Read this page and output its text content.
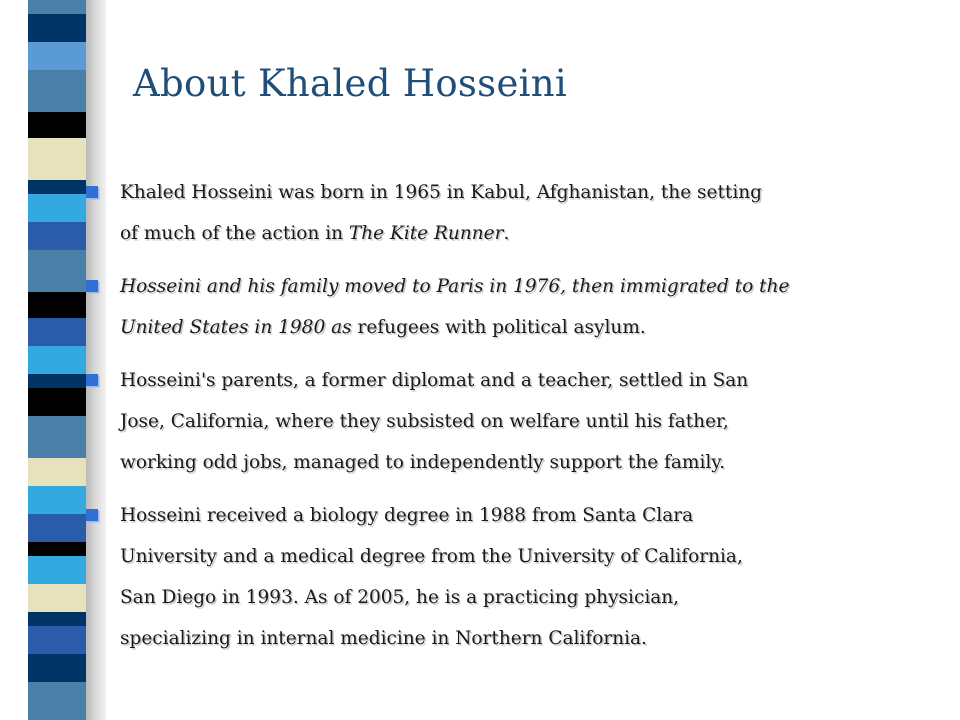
About Khaled Hosseini
Khaled Hosseini was born in 1965 in Kabul, Afghanistan, the setting
of much of the action in The Kite Runner.
Hosseini and his family moved to Paris in 1976, then immigrated to the
United States in 1980 as refugees with political asylum.
Hosseini's parents, a former diplomat and a teacher, settled in San
Jose, California, where they subsisted on welfare until his father,
working odd jobs, managed to independently support the family.
Hosseini received a biology degree in 1988 from Santa Clara
University and a medical degree from the University of California,
San Diego in 1993. As of 2005, he is a practicing physician,
specializing in internal medicine in Northern California.
